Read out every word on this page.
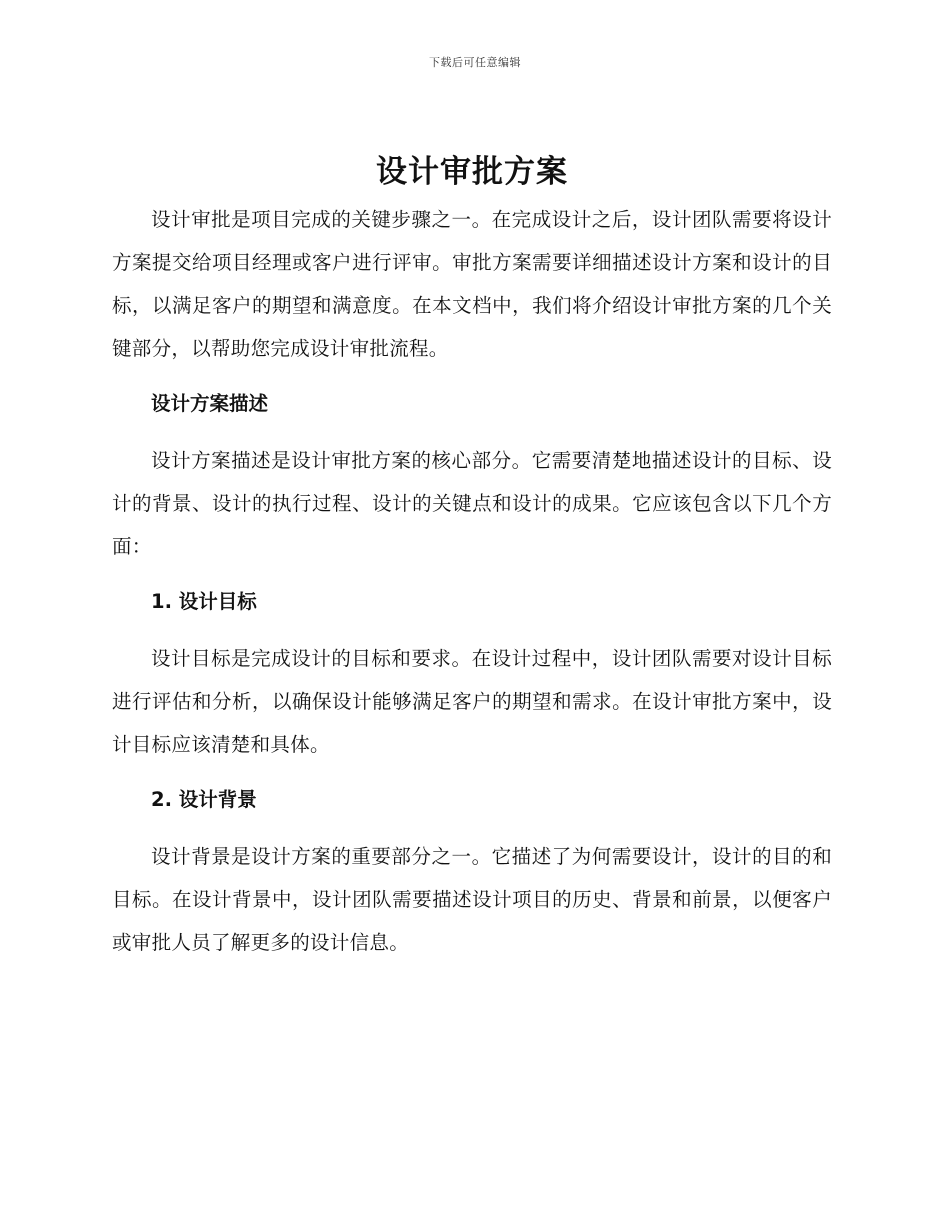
下载后可任意编辑
设计审批方案

设计审批是项目完成的关键步骤之一。在完成设计之后，设计团队需要将设计方案提交给项目经理或客户进行评审。审批方案需要详细描述设计方案和设计的目标，以满足客户的期望和满意度。在本文档中，我们将介绍设计审批方案的几个关键部分，以帮助您完成设计审批流程。

设计方案描述

设计方案描述是设计审批方案的核心部分。它需要清楚地描述设计的目标、设计的背景、设计的执行过程、设计的关键点和设计的成果。它应该包含以下几个方面：

1. 设计目标

设计目标是完成设计的目标和要求。在设计过程中，设计团队需要对设计目标进行评估和分析，以确保设计能够满足客户的期望和需求。在设计审批方案中，设计目标应该清楚和具体。

2. 设计背景

设计背景是设计方案的重要部分之一。它描述了为何需要设计，设计的目的和目标。在设计背景中，设计团队需要描述设计项目的历史、背景和前景，以便客户或审批人员了解更多的设计信息。
